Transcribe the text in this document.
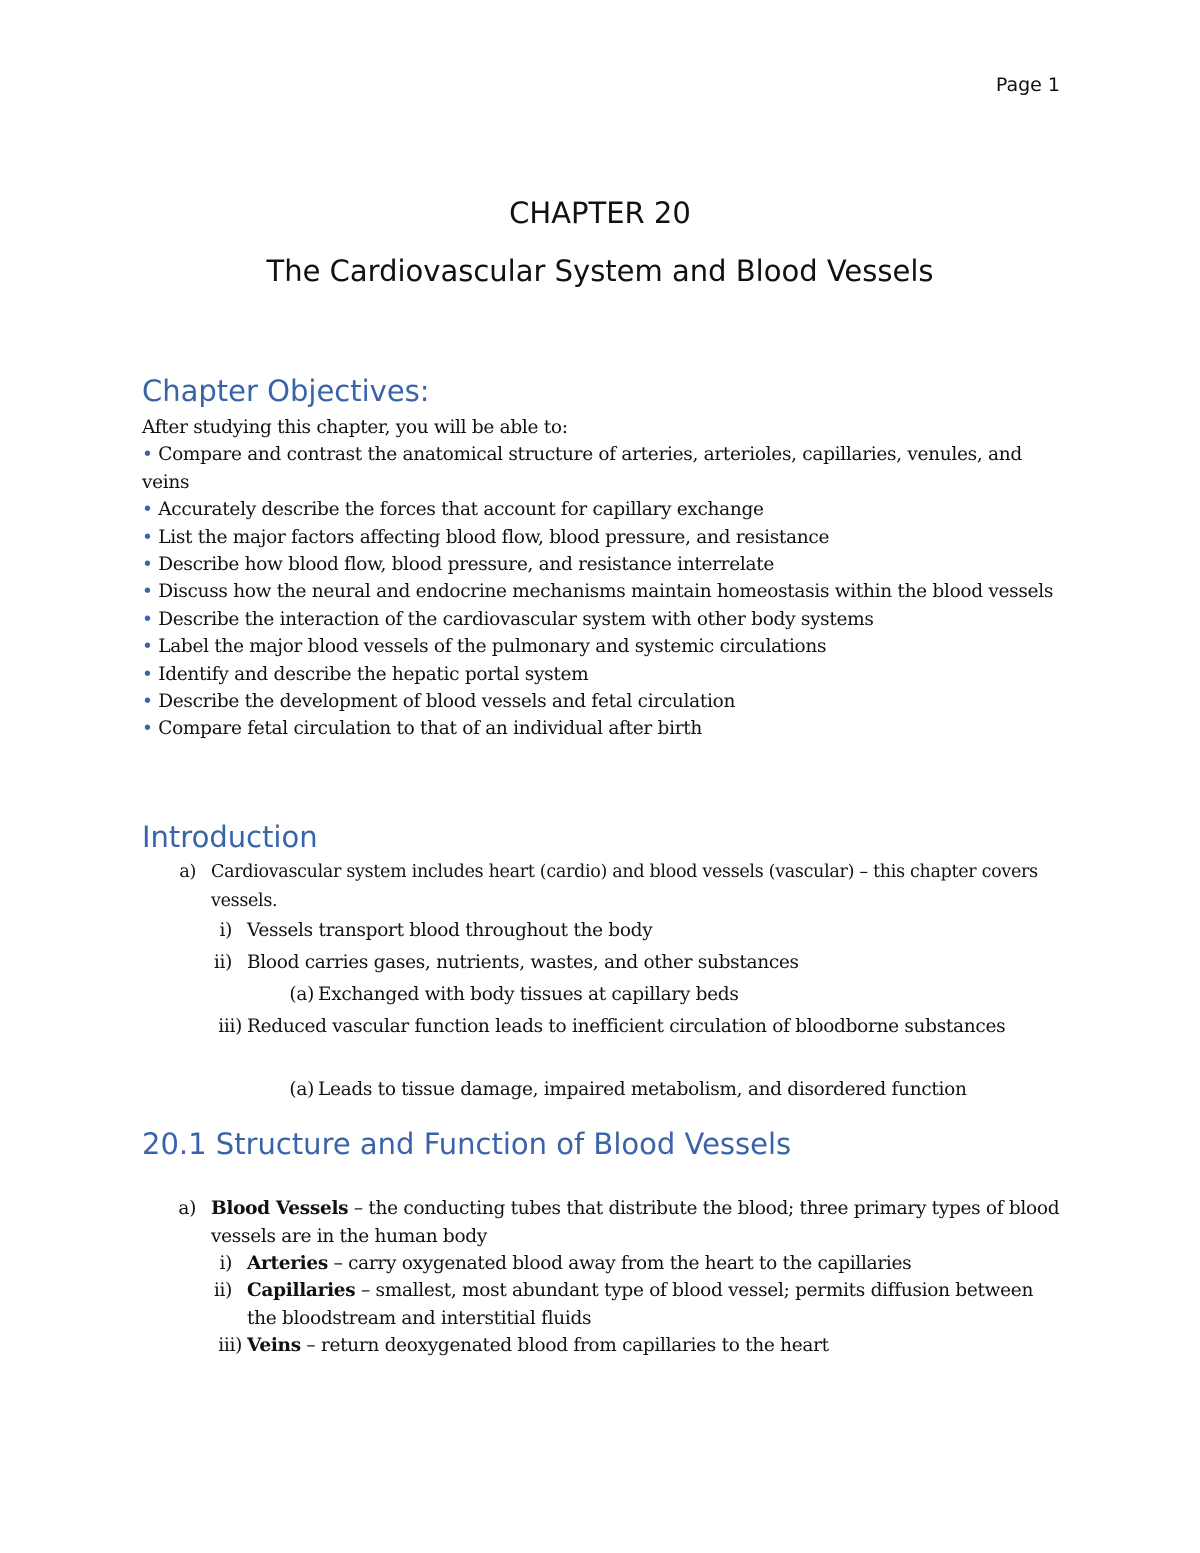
Page 1
CHAPTER 20
The Cardiovascular System and Blood Vessels
Chapter Objectives:
After studying this chapter, you will be able to:
• Compare and contrast the anatomical structure of arteries, arterioles, capillaries, venules, and veins
• Accurately describe the forces that account for capillary exchange
• List the major factors affecting blood flow, blood pressure, and resistance
• Describe how blood flow, blood pressure, and resistance interrelate
• Discuss how the neural and endocrine mechanisms maintain homeostasis within the blood vessels
• Describe the interaction of the cardiovascular system with other body systems
• Label the major blood vessels of the pulmonary and systemic circulations
• Identify and describe the hepatic portal system
• Describe the development of blood vessels and fetal circulation
• Compare fetal circulation to that of an individual after birth
Introduction
a) Cardiovascular system includes heart (cardio) and blood vessels (vascular) – this chapter covers vessels.
i) Vessels transport blood throughout the body
ii) Blood carries gases, nutrients, wastes, and other substances
(a) Exchanged with body tissues at capillary beds
iii) Reduced vascular function leads to inefficient circulation of bloodborne substances
(a) Leads to tissue damage, impaired metabolism, and disordered function
20.1 Structure and Function of Blood Vessels
a) Blood Vessels – the conducting tubes that distribute the blood; three primary types of blood vessels are in the human body
i) Arteries – carry oxygenated blood away from the heart to the capillaries
ii) Capillaries – smallest, most abundant type of blood vessel; permits diffusion between the bloodstream and interstitial fluids
iii) Veins – return deoxygenated blood from capillaries to the heart
